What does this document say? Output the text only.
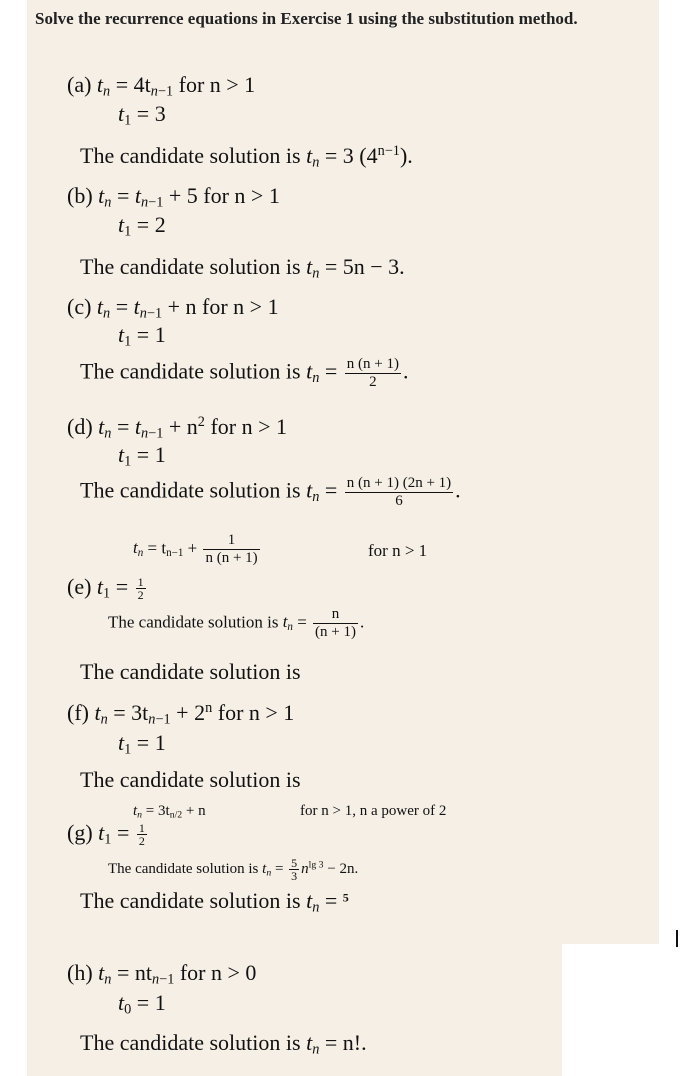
Solve the recurrence equations in Exercise 1 using the substitution method.
(a) $t_n = 4t_{n-1}$ for n > 1
$t_1 = 3$
The candidate solution is $t_n = 3$ $(4^{n-1})$.
(b) $t_n = t_{n-1} + 5$ for n > 1
$t_1 = 2$
The candidate solution is $t_n = 5n - 3$.
(c) $t_n = t_{n-1} + n$ for n > 1
$t_1 = 1$
The candidate solution is $t_n = \frac{n (n + 1)}{2}$ .
(d) $t_n = t_{n-1} + n^2$ for n > 1
$t_1 = 1$
The candidate solution is $t_n = \frac{n (n + 1) (2n + 1)}{6}$ .
$t_n = t_{n-1} + \frac{1}{n (n + 1)}$	for n > 1
(e) $t_1 = \frac{1}{2}$
The candidate solution is $t_n = \frac{n}{(n + 1)}$ .
The candidate solution is
(f) $t_n = 3t_{n-1} + 2^n$ for n > 1
$t_1 = 1$
The candidate solution is
$t_n = 3t_{n/2} + n$	for n > 1, n a power of 2
(g) $t_1 = \frac{1}{2}$
The candidate solution is $t_n = \frac{5}{3} n^{lg 3} - 2n$.
The candidate solution is $t_n = ^5$
(h) $t_n = nt_{n-1}$ for n > 0
$t_0 = 1$
The candidate solution is $t_n = n$!.
